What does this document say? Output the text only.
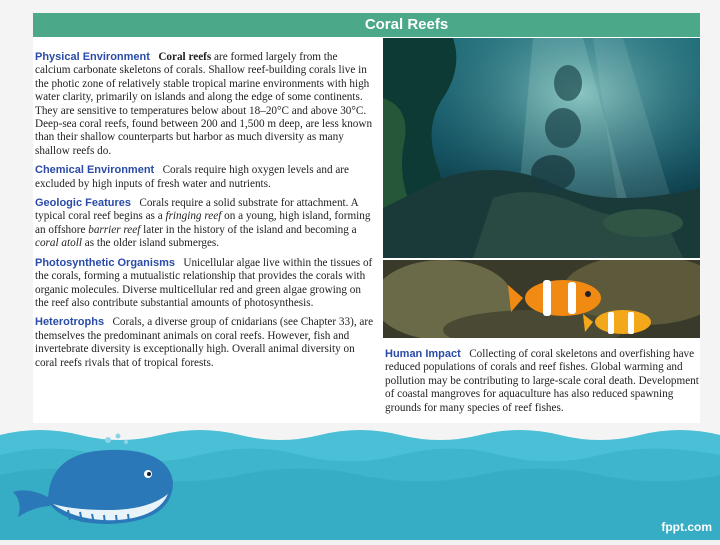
Coral Reefs

Physical Environment Coral reefs are formed largely from the calcium carbonate skeletons of corals. Shallow reef-building corals live in the photic zone of relatively stable tropical marine environments with high water clarity, primarily on islands and along the edge of some continents. They are sensitive to temperatures below about 18–20°C and above 30°C. Deep-sea coral reefs, found between 200 and 1,500 m deep, are less known than their shallow counterparts but harbor as much diversity as many shallow reefs do.

Chemical Environment Corals require high oxygen levels and are excluded by high inputs of fresh water and nutrients.

Geologic Features Corals require a solid substrate for attachment. A typical coral reef begins as a fringing reef on a young, high island, forming an offshore barrier reef later in the history of the island and becoming a coral atoll as the older island submerges.

Photosynthetic Organisms Unicellular algae live within the tissues of the corals, forming a mutualistic relationship that provides the corals with organic molecules. Diverse multicellular red and green algae growing on the reef also contribute substantial amounts of photosynthesis.

Heterotrophs Corals, a diverse group of cnidarians (see Chapter 33), are themselves the predominant animals on coral reefs. However, fish and invertebrate diversity is exceptionally high. Overall animal diversity on coral reefs rivals that of tropical forests.

Human Impact Collecting of coral skeletons and overfishing have reduced populations of corals and reef fishes. Global warming and pollution may be contributing to large-scale coral death. Development of coastal mangroves for aquaculture has also reduced spawning grounds for many species of reef fishes.
fppt.com
